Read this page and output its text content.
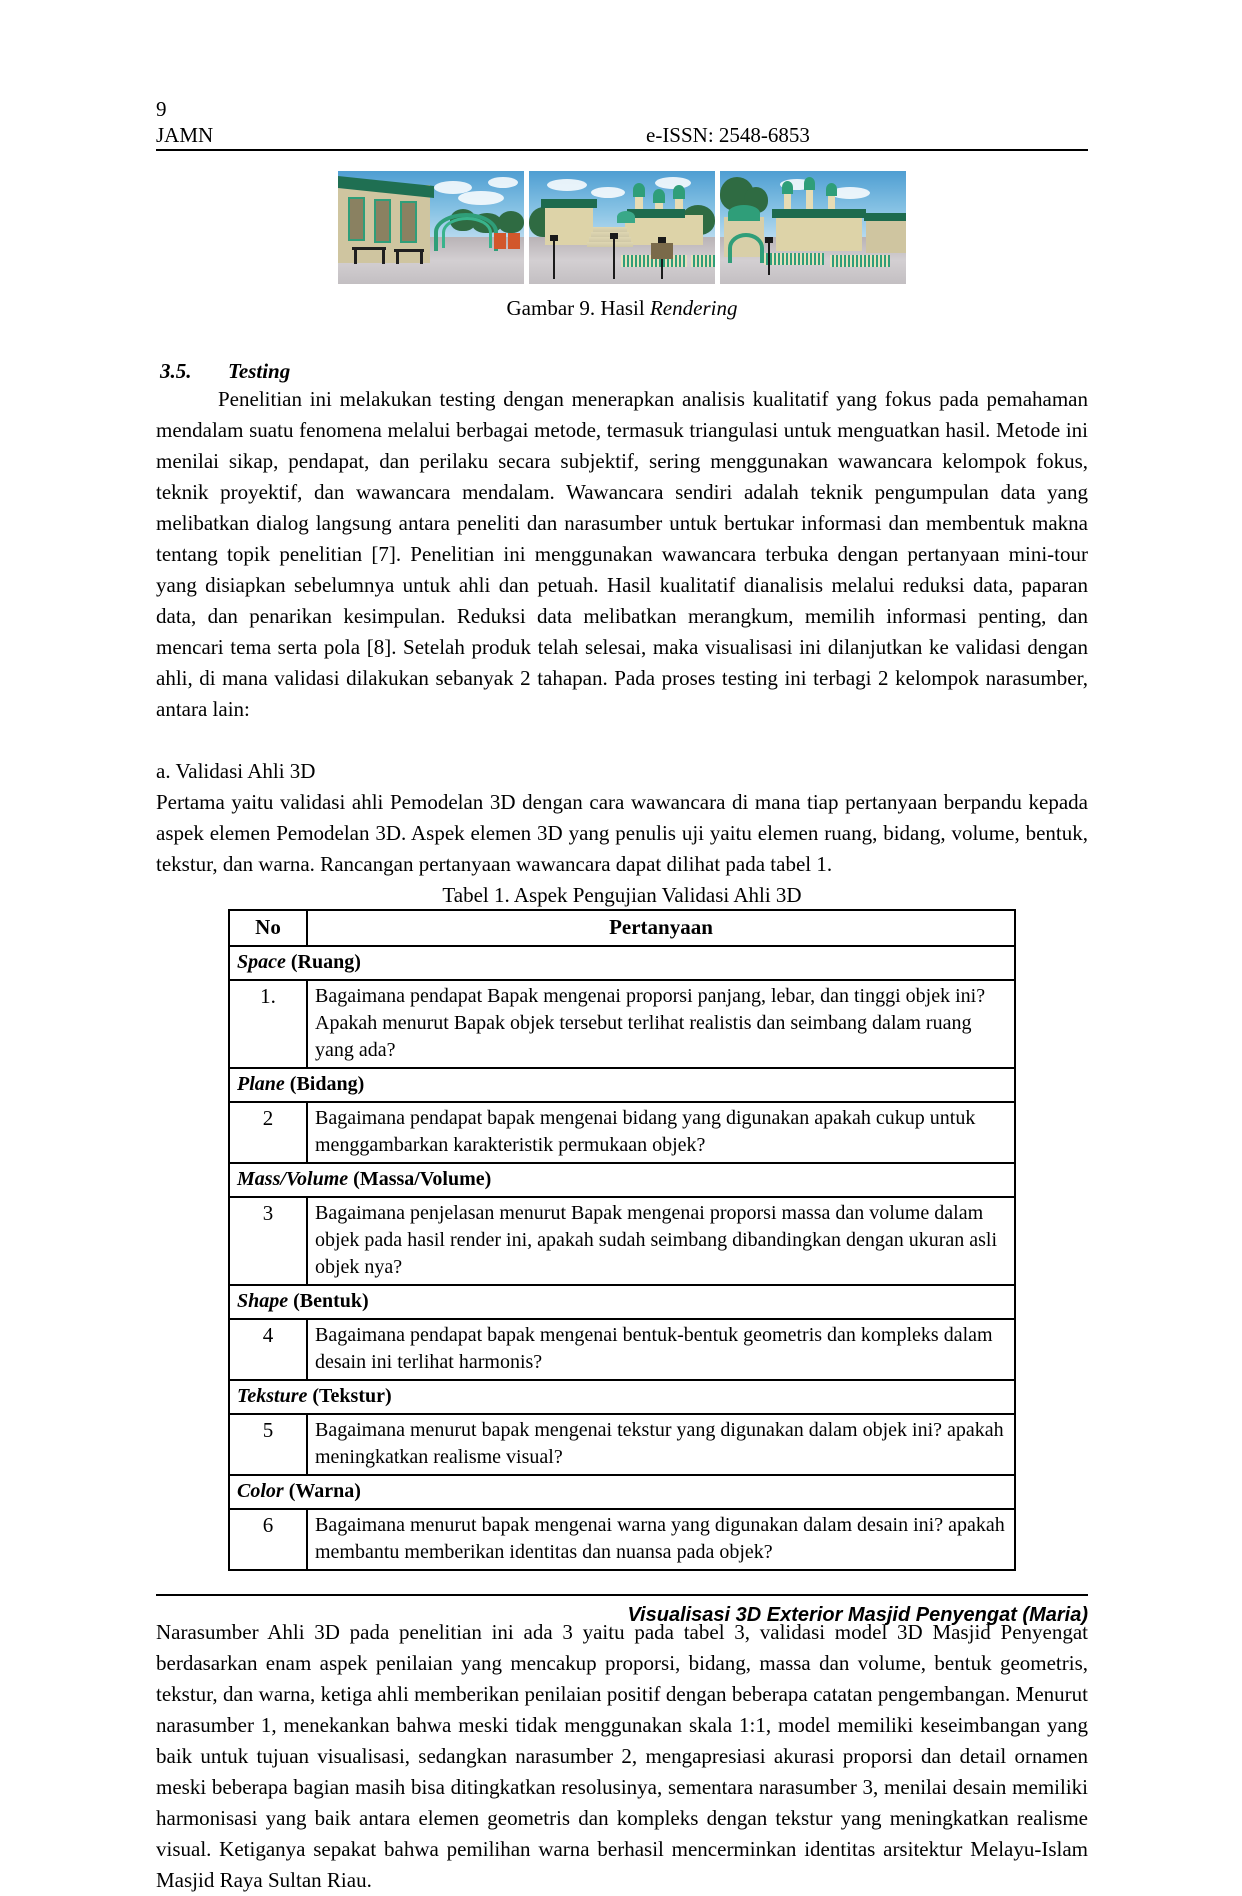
9
JAMN	e-ISSN: 2548-6853
Gambar 9. Hasil Rendering
3.5.	Testing

Penelitian ini melakukan testing dengan menerapkan analisis kualitatif yang fokus pada pemahaman mendalam suatu fenomena melalui berbagai metode, termasuk triangulasi untuk menguatkan hasil. Metode ini menilai sikap, pendapat, dan perilaku secara subjektif, sering menggunakan wawancara kelompok fokus, teknik proyektif, dan wawancara mendalam. Wawancara sendiri adalah teknik pengumpulan data yang melibatkan dialog langsung antara peneliti dan narasumber untuk bertukar informasi dan membentuk makna tentang topik penelitian [7]. Penelitian ini menggunakan wawancara terbuka dengan pertanyaan mini-tour yang disiapkan sebelumnya untuk ahli dan petuah. Hasil kualitatif dianalisis melalui reduksi data, paparan data, dan penarikan kesimpulan. Reduksi data melibatkan merangkum, memilih informasi penting, dan mencari tema serta pola [8]. Setelah produk telah selesai, maka visualisasi ini dilanjutkan ke validasi dengan ahli, di mana validasi dilakukan sebanyak 2 tahapan. Pada proses testing ini terbagi 2 kelompok narasumber, antara lain:

a. Validasi Ahli 3D

Pertama yaitu validasi ahli Pemodelan 3D dengan cara wawancara di mana tiap pertanyaan berpandu kepada aspek elemen Pemodelan 3D. Aspek elemen 3D yang penulis uji yaitu elemen ruang, bidang, volume, bentuk, tekstur, dan warna. Rancangan pertanyaan wawancara dapat dilihat pada tabel 1.

Tabel 1. Aspek Pengujian Validasi Ahli 3D
No	Pertanyaan
Space (Ruang)	
1.	Bagaimana pendapat Bapak mengenai proporsi panjang, lebar, dan tinggi objek ini? Apakah menurut Bapak objek tersebut terlihat realistis dan seimbang dalam ruang yang ada?
Plane (Bidang)	
2	Bagaimana pendapat bapak mengenai bidang yang digunakan apakah cukup untuk menggambarkan karakteristik permukaan objek?
Mass/Volume (Massa/Volume)	
3	Bagaimana penjelasan menurut Bapak mengenai proporsi massa dan volume dalam objek pada hasil render ini, apakah sudah seimbang dibandingkan dengan ukuran asli objek nya?
Shape (Bentuk)	
4	Bagaimana pendapat bapak mengenai bentuk-bentuk geometris dan kompleks dalam desain ini terlihat harmonis?
Teksture (Tekstur)	
5	Bagaimana menurut bapak mengenai tekstur yang digunakan dalam objek ini? apakah meningkatkan realisme visual?
Color (Warna)	
6	Bagaimana menurut bapak mengenai warna yang digunakan dalam desain ini? apakah membantu memberikan identitas dan nuansa pada objek?

Narasumber Ahli 3D pada penelitian ini ada 3 yaitu pada tabel 3, validasi model 3D Masjid Penyengat berdasarkan enam aspek penilaian yang mencakup proporsi, bidang, massa dan volume, bentuk geometris, tekstur, dan warna, ketiga ahli memberikan penilaian positif dengan beberapa catatan pengembangan. Menurut narasumber 1, menekankan bahwa meski tidak menggunakan skala 1:1, model memiliki keseimbangan yang baik untuk tujuan visualisasi, sedangkan narasumber 2, mengapresiasi akurasi proporsi dan detail ornamen meski beberapa bagian masih bisa ditingkatkan resolusinya, sementara narasumber 3, menilai desain memiliki harmonisasi yang baik antara elemen geometris dan kompleks dengan tekstur yang meningkatkan realisme visual. Ketiganya sepakat bahwa pemilihan warna berhasil mencerminkan identitas arsitektur Melayu-Islam Masjid Raya Sultan Riau.

Visualisasi 3D Exterior Masjid Penyengat (Maria)
